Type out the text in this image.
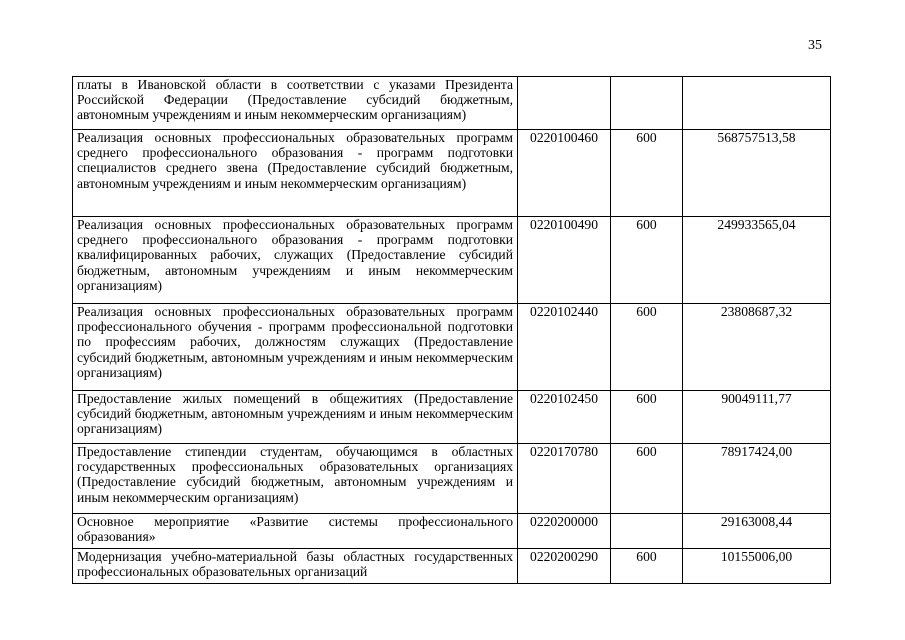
35
платы в Ивановской области в соответствии с указами Президента Российской Федерации (Предоставление субсидий бюджетным, автономным учреждениям и иным некоммерческим организациям)			
Реализация основных профессиональных образовательных программ среднего профессионального образования - программ подготовки специалистов среднего звена (Предоставление субсидий бюджетным, автономным учреждениям и иным некоммерческим организациям)	0220100460	600	568757513,58
Реализация основных профессиональных образовательных программ среднего профессионального образования - программ подготовки квалифицированных рабочих, служащих (Предоставление субсидий бюджетным, автономным учреждениям и иным некоммерческим организациям)	0220100490	600	249933565,04
Реализация основных профессиональных образовательных программ профессионального обучения - программ профессиональной подготовки по профессиям рабочих, должностям служащих (Предоставление субсидий бюджетным, автономным учреждениям и иным некоммерческим организациям)	0220102440	600	23808687,32
Предоставление жилых помещений в общежитиях (Предоставление субсидий бюджетным, автономным учреждениям и иным некоммерческим организациям)	0220102450	600	90049111,77
Предоставление стипендии студентам, обучающимся в областных государственных профессиональных образовательных организациях (Предоставление субсидий бюджетным, автономным учреждениям и иным некоммерческим организациям)	0220170780	600	78917424,00
Основное мероприятие «Развитие системы профессионального образования»	0220200000		29163008,44
Модернизация учебно-материальной базы областных государственных профессиональных образовательных организаций	0220200290	600	10155006,00
